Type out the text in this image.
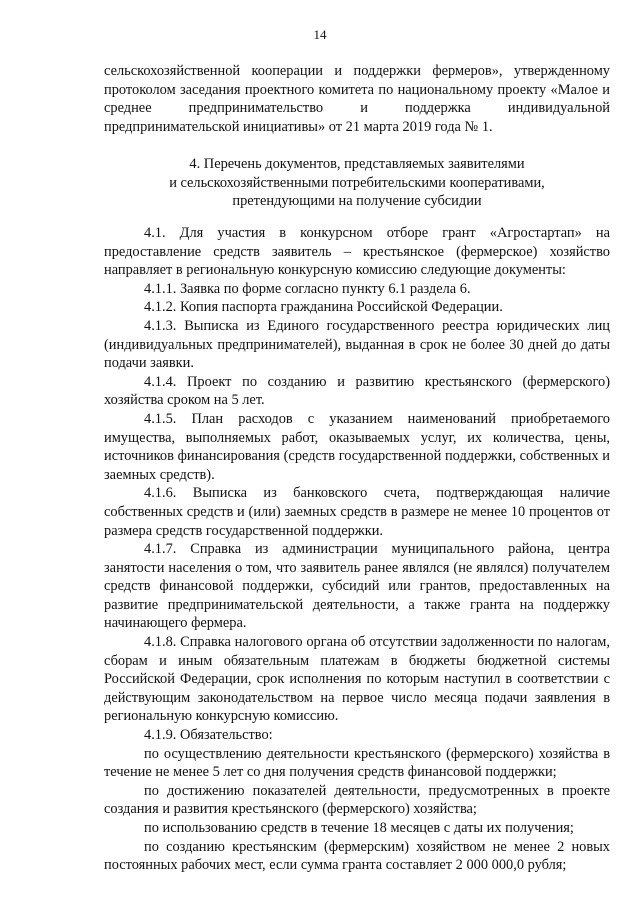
14

сельскохозяйственной кооперации и поддержки фермеров», утвержденному протоколом заседания проектного комитета по национальному проекту «Малое и среднее предпринимательство и поддержка индивидуальной предпринимательской инициативы» от 21 марта 2019 года № 1.

4. Перечень документов, представляемых заявителями
и сельскохозяйственными потребительскими кооперативами,
претендующими на получение субсидии

4.1. Для участия в конкурсном отборе грант «Агростартап» на предоставление средств заявитель – крестьянское (фермерское) хозяйство направляет в региональную конкурсную комиссию следующие документы:

4.1.1. Заявка по форме согласно пункту 6.1 раздела 6.

4.1.2. Копия паспорта гражданина Российской Федерации.

4.1.3. Выписка из Единого государственного реестра юридических лиц (индивидуальных предпринимателей), выданная в срок не более 30 дней до даты подачи заявки.

4.1.4. Проект по созданию и развитию крестьянского (фермерского) хозяйства сроком на 5 лет.

4.1.5. План расходов с указанием наименований приобретаемого имущества, выполняемых работ, оказываемых услуг, их количества, цены, источников финансирования (средств государственной поддержки, собственных и заемных средств).

4.1.6. Выписка из банковского счета, подтверждающая наличие собственных средств и (или) заемных средств в размере не менее 10 процентов от размера средств государственной поддержки.

4.1.7. Справка из администрации муниципального района, центра занятости населения о том, что заявитель ранее являлся (не являлся) получателем средств финансовой поддержки, субсидий или грантов, предоставленных на развитие предпринимательской деятельности, а также гранта на поддержку начинающего фермера.

4.1.8. Справка налогового органа об отсутствии задолженности по налогам, сборам и иным обязательным платежам в бюджеты бюджетной системы Российской Федерации, срок исполнения по которым наступил в соответствии с действующим законодательством на первое число месяца подачи заявления в региональную конкурсную комиссию.

4.1.9. Обязательство:

по осуществлению деятельности крестьянского (фермерского) хозяйства в течение не менее 5 лет со дня получения средств финансовой поддержки;

по достижению показателей деятельности, предусмотренных в проекте создания и развития крестьянского (фермерского) хозяйства;

по использованию средств в течение 18 месяцев с даты их получения;

по созданию крестьянским (фермерским) хозяйством не менее 2 новых постоянных рабочих мест, если сумма гранта составляет 2 000 000,0 рубля;
